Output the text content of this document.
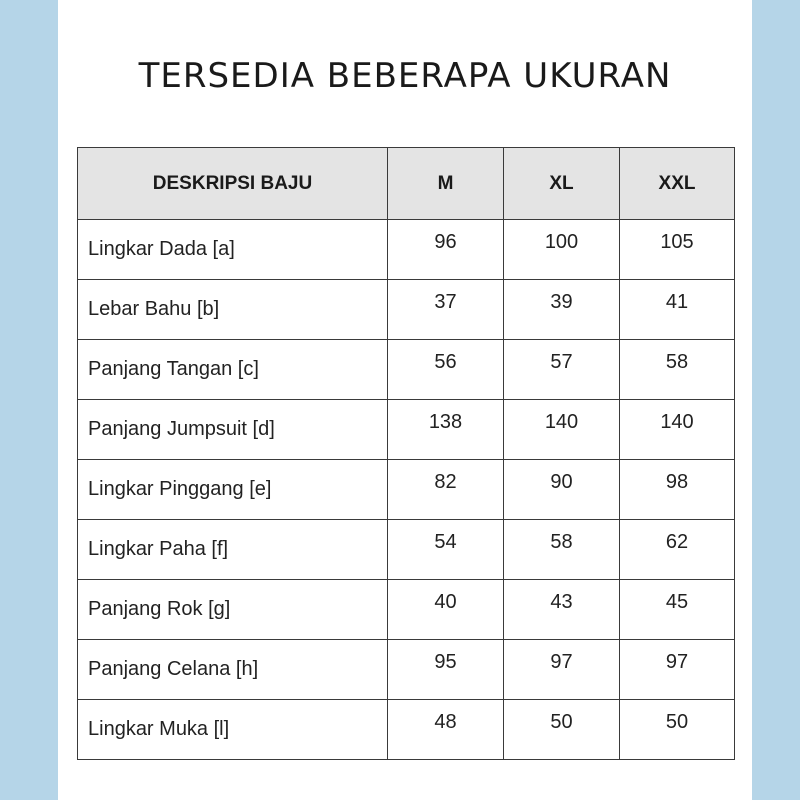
TERSEDIA BEBERAPA UKURAN
DESKRIPSI BAJU	M	XL	XXL
Lingkar Dada [a]	96	100	105
Lebar Bahu [b]	37	39	41
Panjang Tangan [c]	56	57	58
Panjang Jumpsuit [d]	138	140	140
Lingkar Pinggang [e]	82	90	98
Lingkar Paha [f]	54	58	62
Panjang Rok [g]	40	43	45
Panjang Celana [h]	95	97	97
Lingkar Muka [l]	48	50	50
